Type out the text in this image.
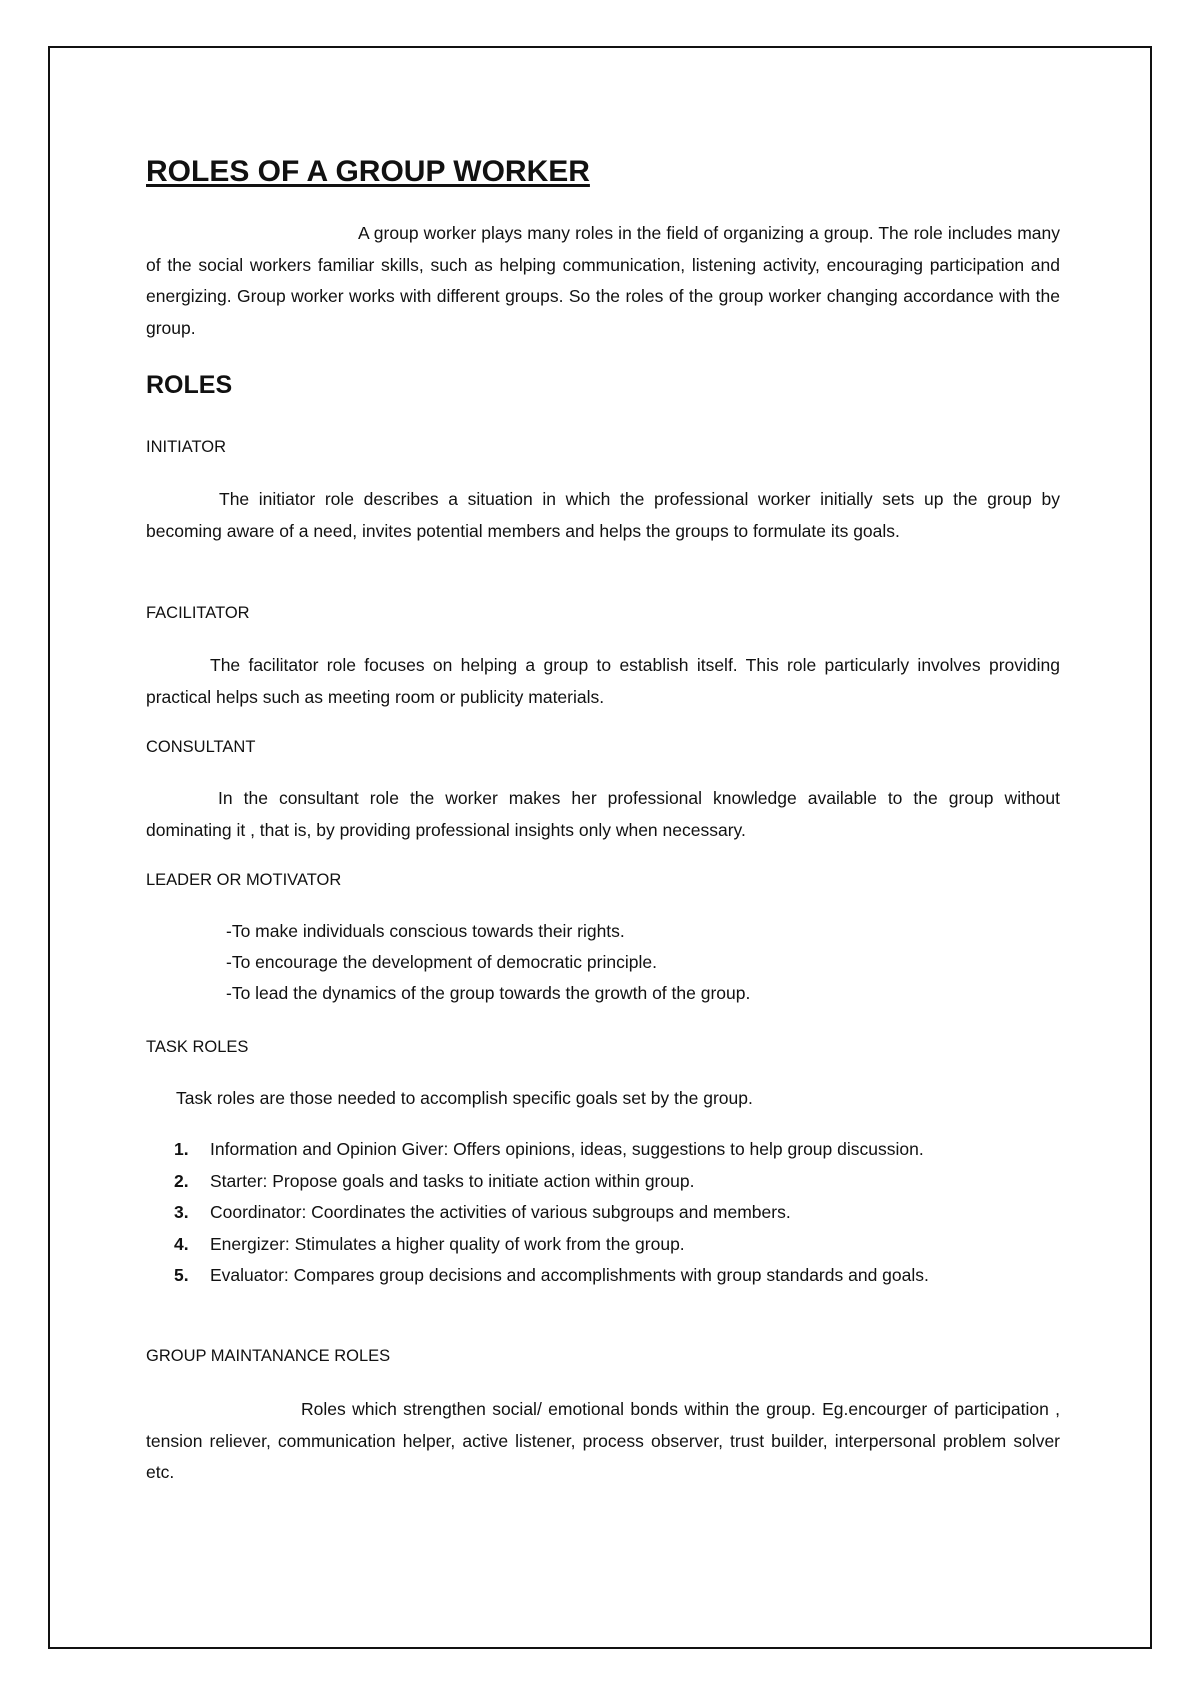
ROLES OF A GROUP WORKER
A group worker plays many roles in the field of organizing a group. The role includes many of the social workers familiar skills, such as helping communication, listening activity, encouraging participation and energizing. Group worker works with different groups. So the roles of the group worker changing accordance with the group.
ROLES
INITIATOR
The initiator role describes a situation in which the professional worker initially sets up the group by becoming aware of a need, invites potential members and helps the groups to formulate its goals.
FACILITATOR
The facilitator role focuses on helping a group to establish itself. This role particularly involves providing practical helps such as meeting room or publicity materials.
CONSULTANT
In the consultant role the worker makes her professional knowledge available to the group without dominating it , that is, by providing professional insights only when necessary.
LEADER OR MOTIVATOR
-To make individuals conscious towards their rights.
-To encourage the development of democratic principle.
-To lead the dynamics of the group towards the growth of the group.
TASK ROLES
Task roles are those needed to accomplish specific goals set by the group.
1. Information and Opinion Giver: Offers opinions, ideas, suggestions to help group discussion.
2. Starter: Propose goals and tasks to initiate action within group.
3. Coordinator: Coordinates the activities of various subgroups and members.
4. Energizer: Stimulates a higher quality of work from the group.
5. Evaluator: Compares group decisions and accomplishments with group standards and goals.
GROUP MAINTANANCE ROLES
Roles which strengthen social/ emotional bonds within the group. Eg.encourger of participation , tension reliever, communication helper, active listener, process observer, trust builder, interpersonal problem solver etc.
